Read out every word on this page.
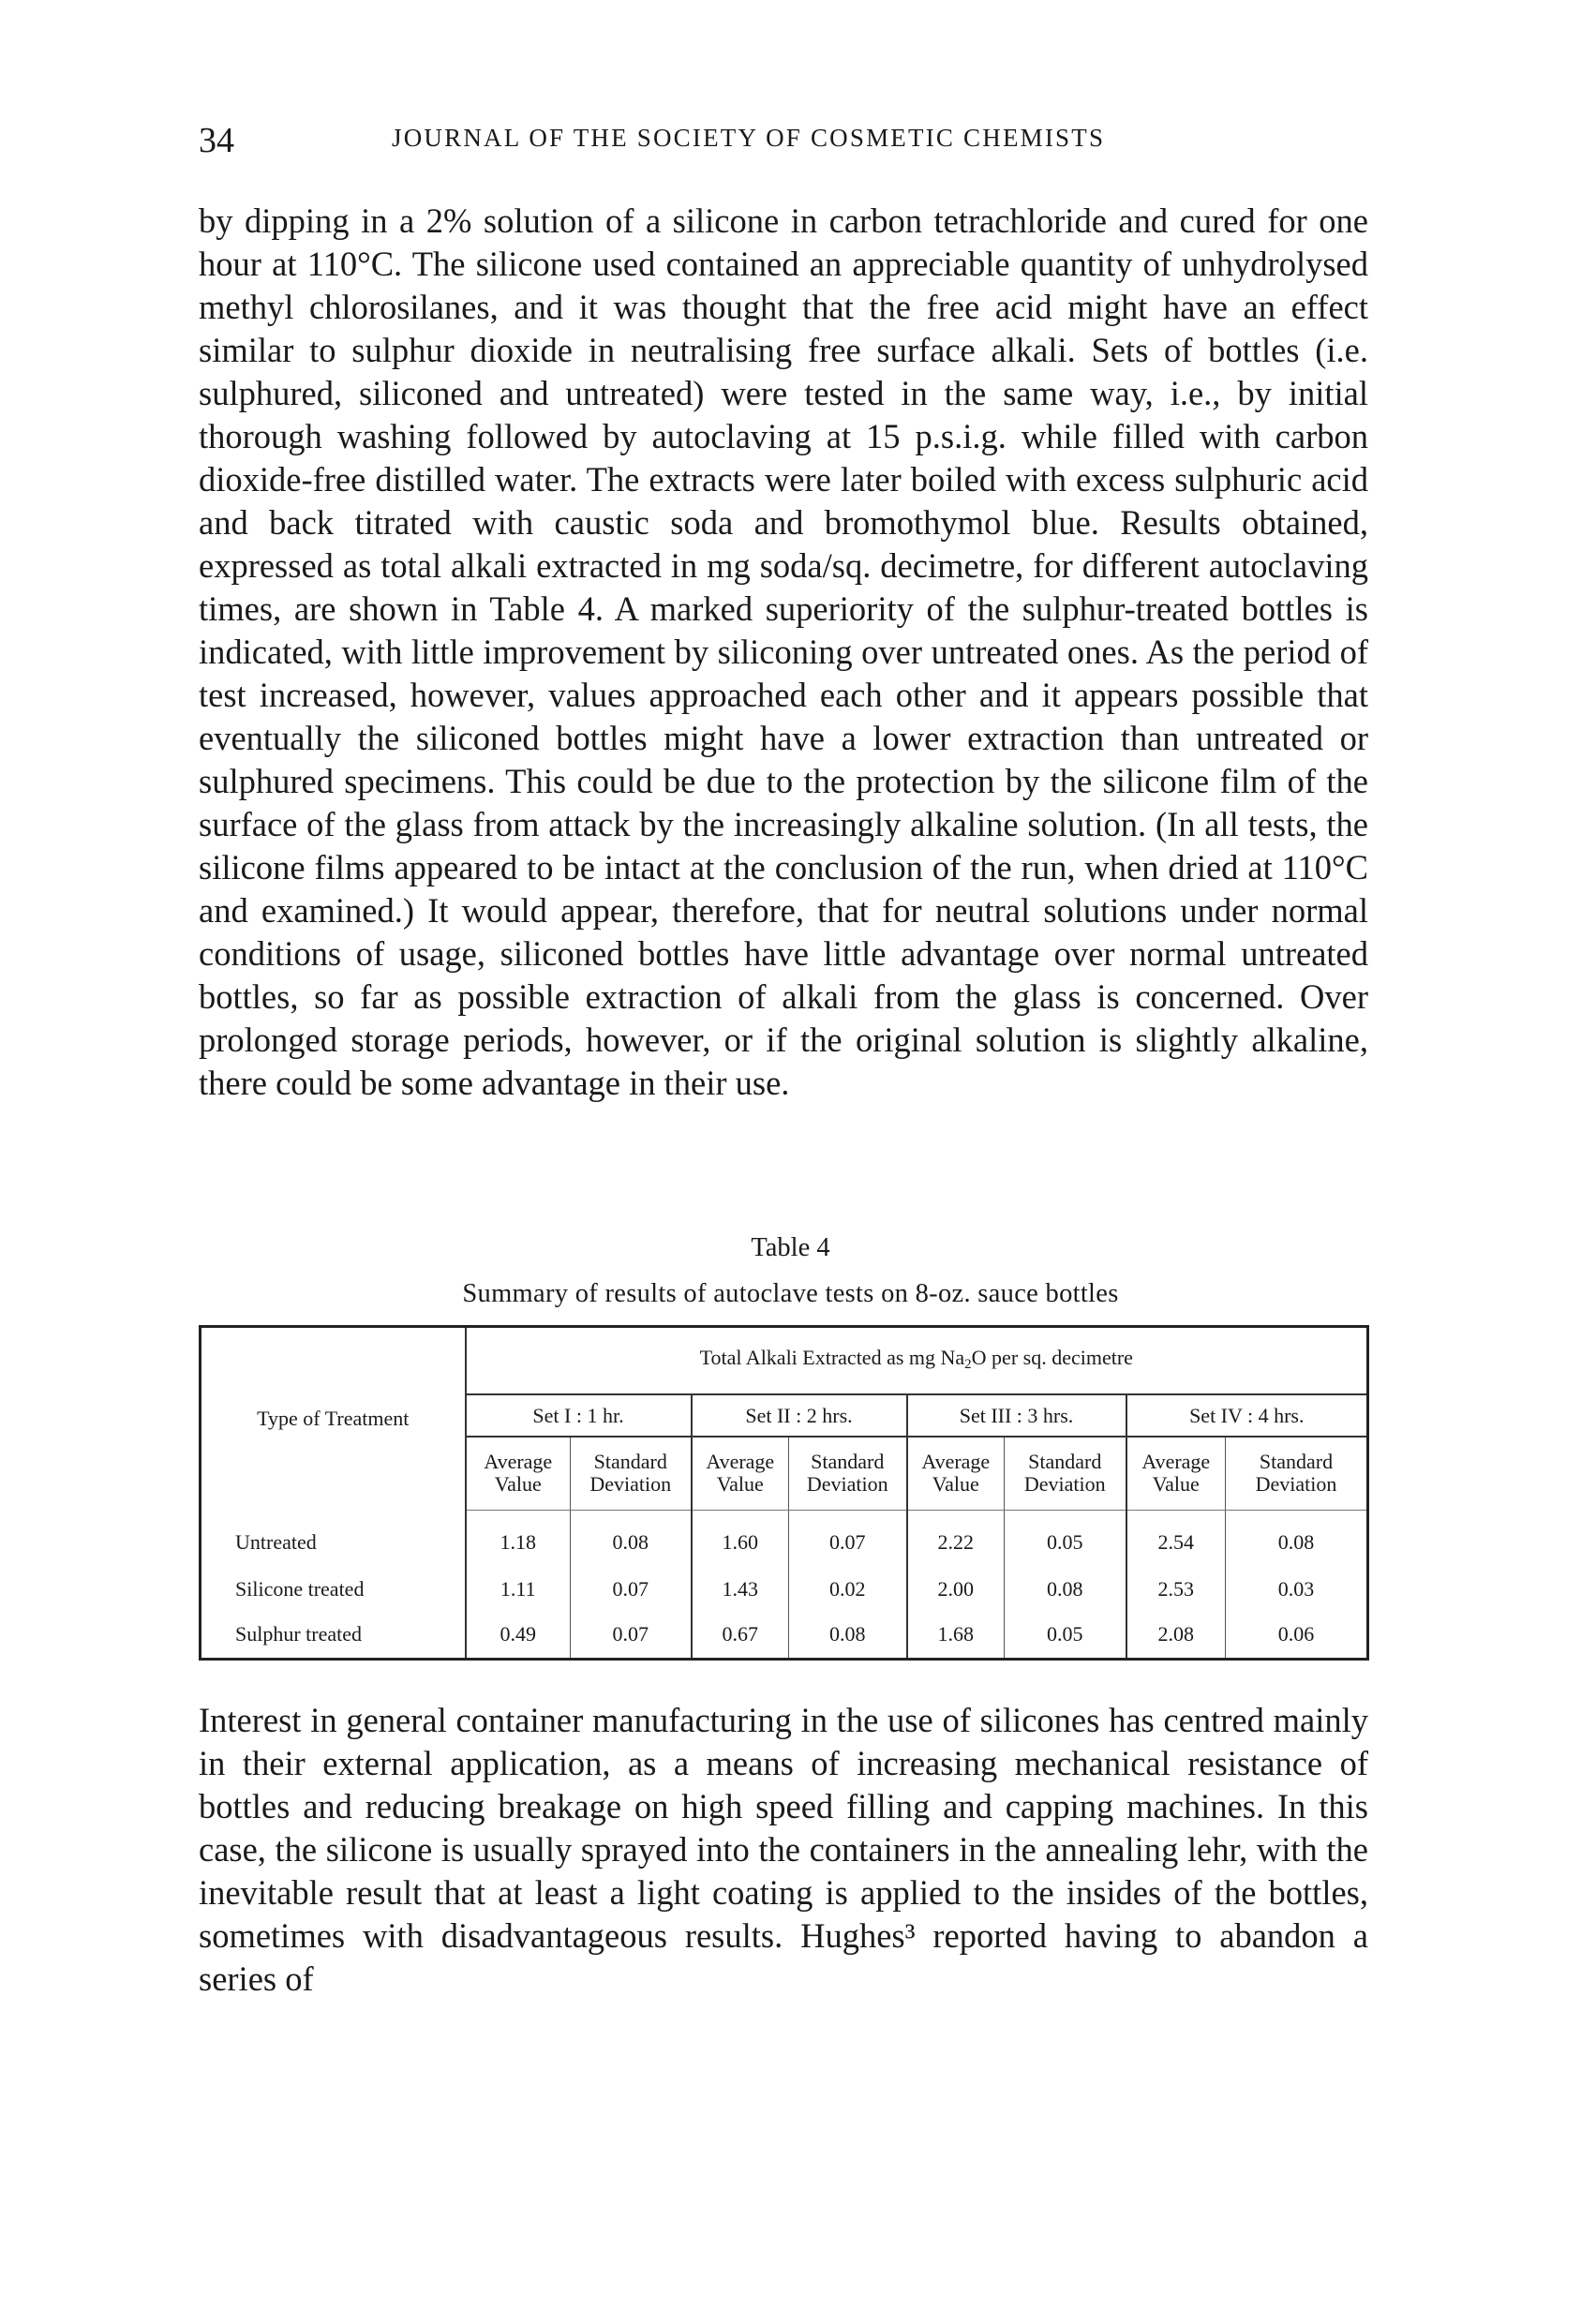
34	JOURNAL OF THE SOCIETY OF COSMETIC CHEMISTS

by dipping in a 2% solution of a silicone in carbon tetrachloride and cured for one hour at 110°C. The silicone used contained an appreciable quantity of unhydrolysed methyl chlorosilanes, and it was thought that the free acid might have an effect similar to sulphur dioxide in neutralising free surface alkali. Sets of bottles (i.e. sulphured, siliconed and untreated) were tested in the same way, i.e., by initial thorough washing followed by autoclaving at 15 p.s.i.g. while filled with carbon dioxide-free distilled water. The extracts were later boiled with excess sulphuric acid and back titrated with caustic soda and bromothymol blue. Results obtained, expressed as total alkali extracted in mg soda/sq. decimetre, for different autoclaving times, are shown in Table 4. A marked superiority of the sulphur-treated bottles is indicated, with little improvement by siliconing over untreated ones. As the period of test increased, however, values approached each other and it appears possible that eventually the siliconed bottles might have a lower extraction than untreated or sulphured specimens. This could be due to the protection by the silicone film of the surface of the glass from attack by the increasingly alkaline solution. (In all tests, the silicone films appeared to be intact at the conclusion of the run, when dried at 110°C and examined.) It would appear, therefore, that for neutral solutions under normal conditions of usage, siliconed bottles have little advantage over normal untreated bottles, so far as possible extraction of alkali from the glass is concerned. Over prolonged storage periods, however, or if the original solution is slightly alkaline, there could be some advantage in their use.

Table 4
Summary of results of autoclave tests on 8-oz. sauce bottles
Type of Treatment	Total Alkali Extracted as mg $Na_2O$ per sq. decimetre							
	Set I : 1 hr.		Set II : 2 hrs.		Set III : 3 hrs.		Set IV : 4 hrs.	
	Average Value	Standard Deviation	Average Value	Standard Deviation	Average Value	Standard Deviation	Average Value	Standard Deviation
Untreated	1.18	0.08	1.60	0.07	2.22	0.05	2.54	0.08
Silicone treated	1.11	0.07	1.43	0.02	2.00	0.08	2.53	0.03
Sulphur treated	0.49	0.07	0.67	0.08	1.68	0.05	2.08	0.06

Interest in general container manufacturing in the use of silicones has centred mainly in their external application, as a means of increasing mechanical resistance of bottles and reducing breakage on high speed filling and capping machines. In this case, the silicone is usually sprayed into the containers in the annealing lehr, with the inevitable result that at least a light coating is applied to the insides of the bottles, sometimes with disadvantageous results. Hughes³ reported having to abandon a series of
